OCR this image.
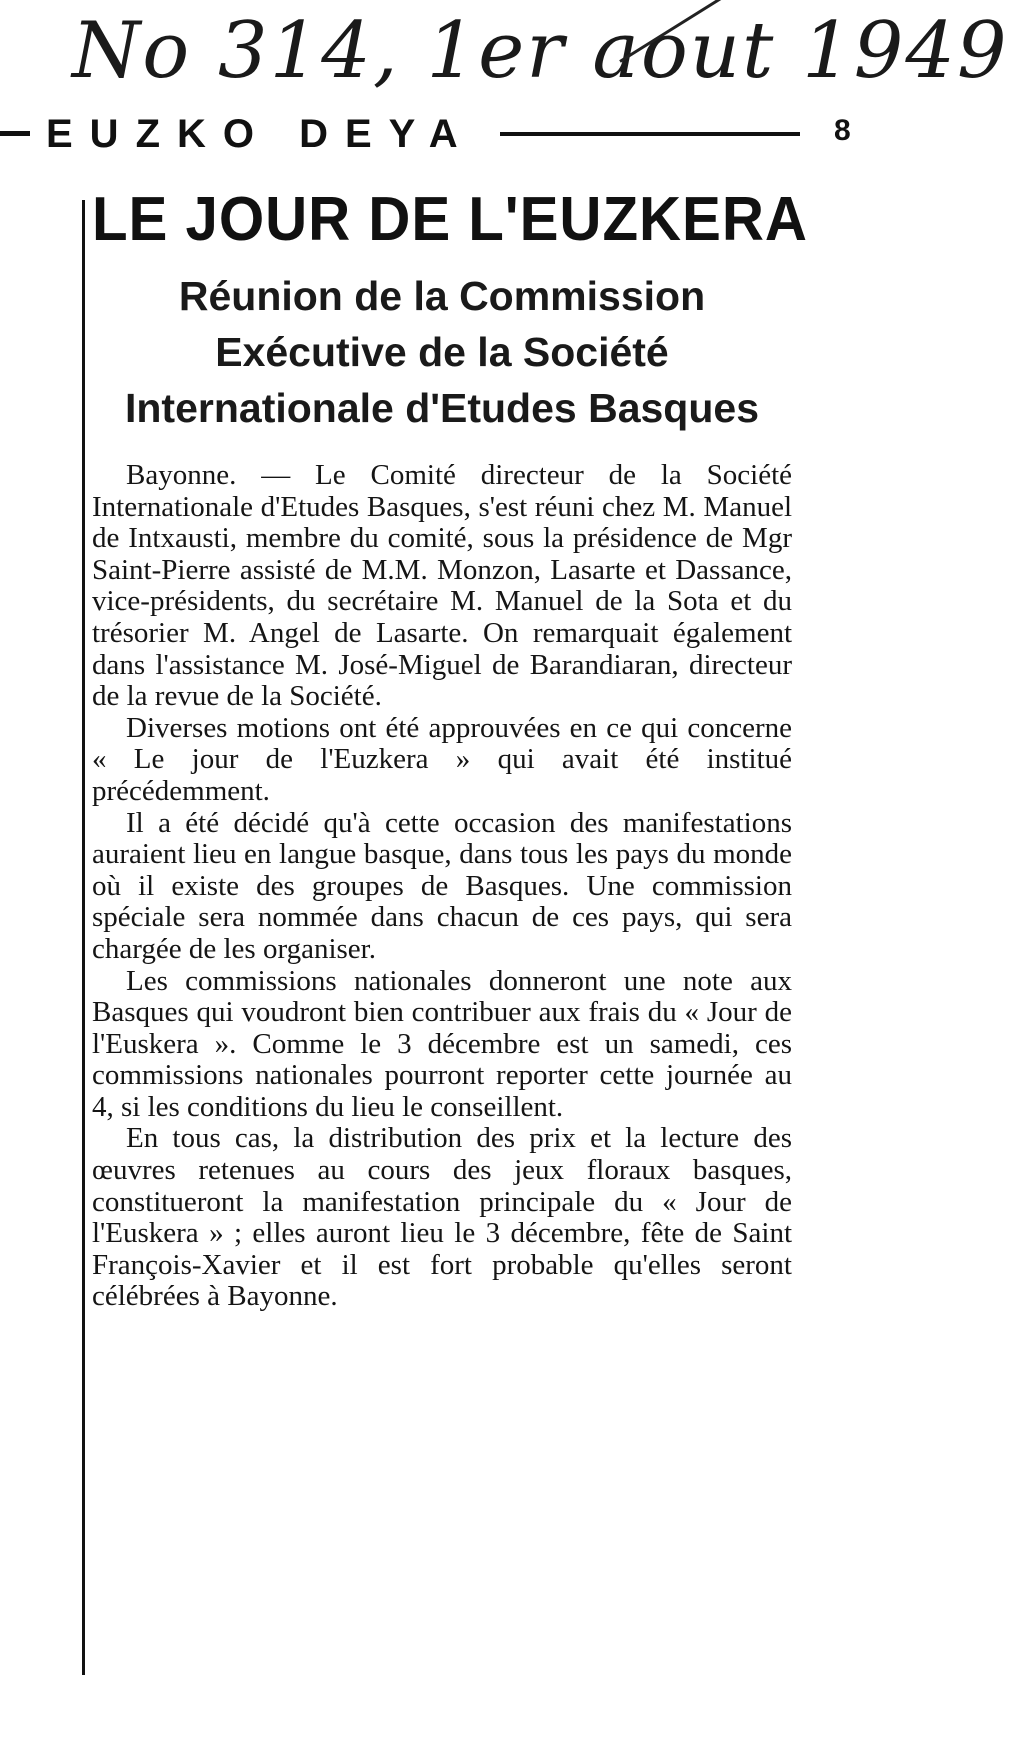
No 314, 1er aout 1949
EUZKO DEYA	8
LE JOUR DE L'EUZKERA
Réunion de la Commission Exécutive de la Société Internationale d'Etudes Basques

Bayonne. — Le Comité directeur de la Société Internationale d'Etudes Basques, s'est réuni chez M. Manuel de Intxausti, membre du comité, sous la présidence de Mgr Saint-Pierre assisté de M.M. Monzon, Lasarte et Dassance, vice-présidents, du secrétaire M. Manuel de la Sota et du trésorier M. Angel de Lasarte. On remarquait également dans l'assistance M. José-Miguel de Barandiaran, directeur de la revue de la Société.

Diverses motions ont été approuvées en ce qui concerne « Le jour de l'Euzkera » qui avait été institué précédemment.

Il a été décidé qu'à cette occasion des manifestations auraient lieu en langue basque, dans tous les pays du monde où il existe des groupes de Basques. Une commission spéciale sera nommée dans chacun de ces pays, qui sera chargée de les organiser.

Les commissions nationales donneront une note aux Basques qui voudront bien contribuer aux frais du « Jour de l'Euskera ». Comme le 3 décembre est un samedi, ces commissions nationales pourront reporter cette journée au 4, si les conditions du lieu le conseillent.

En tous cas, la distribution des prix et la lecture des œuvres retenues au cours des jeux floraux basques, constitueront la manifestation principale du « Jour de l'Euskera » ; elles auront lieu le 3 décembre, fête de Saint François-Xavier et il est fort probable qu'elles seront célébrées à Bayonne.
